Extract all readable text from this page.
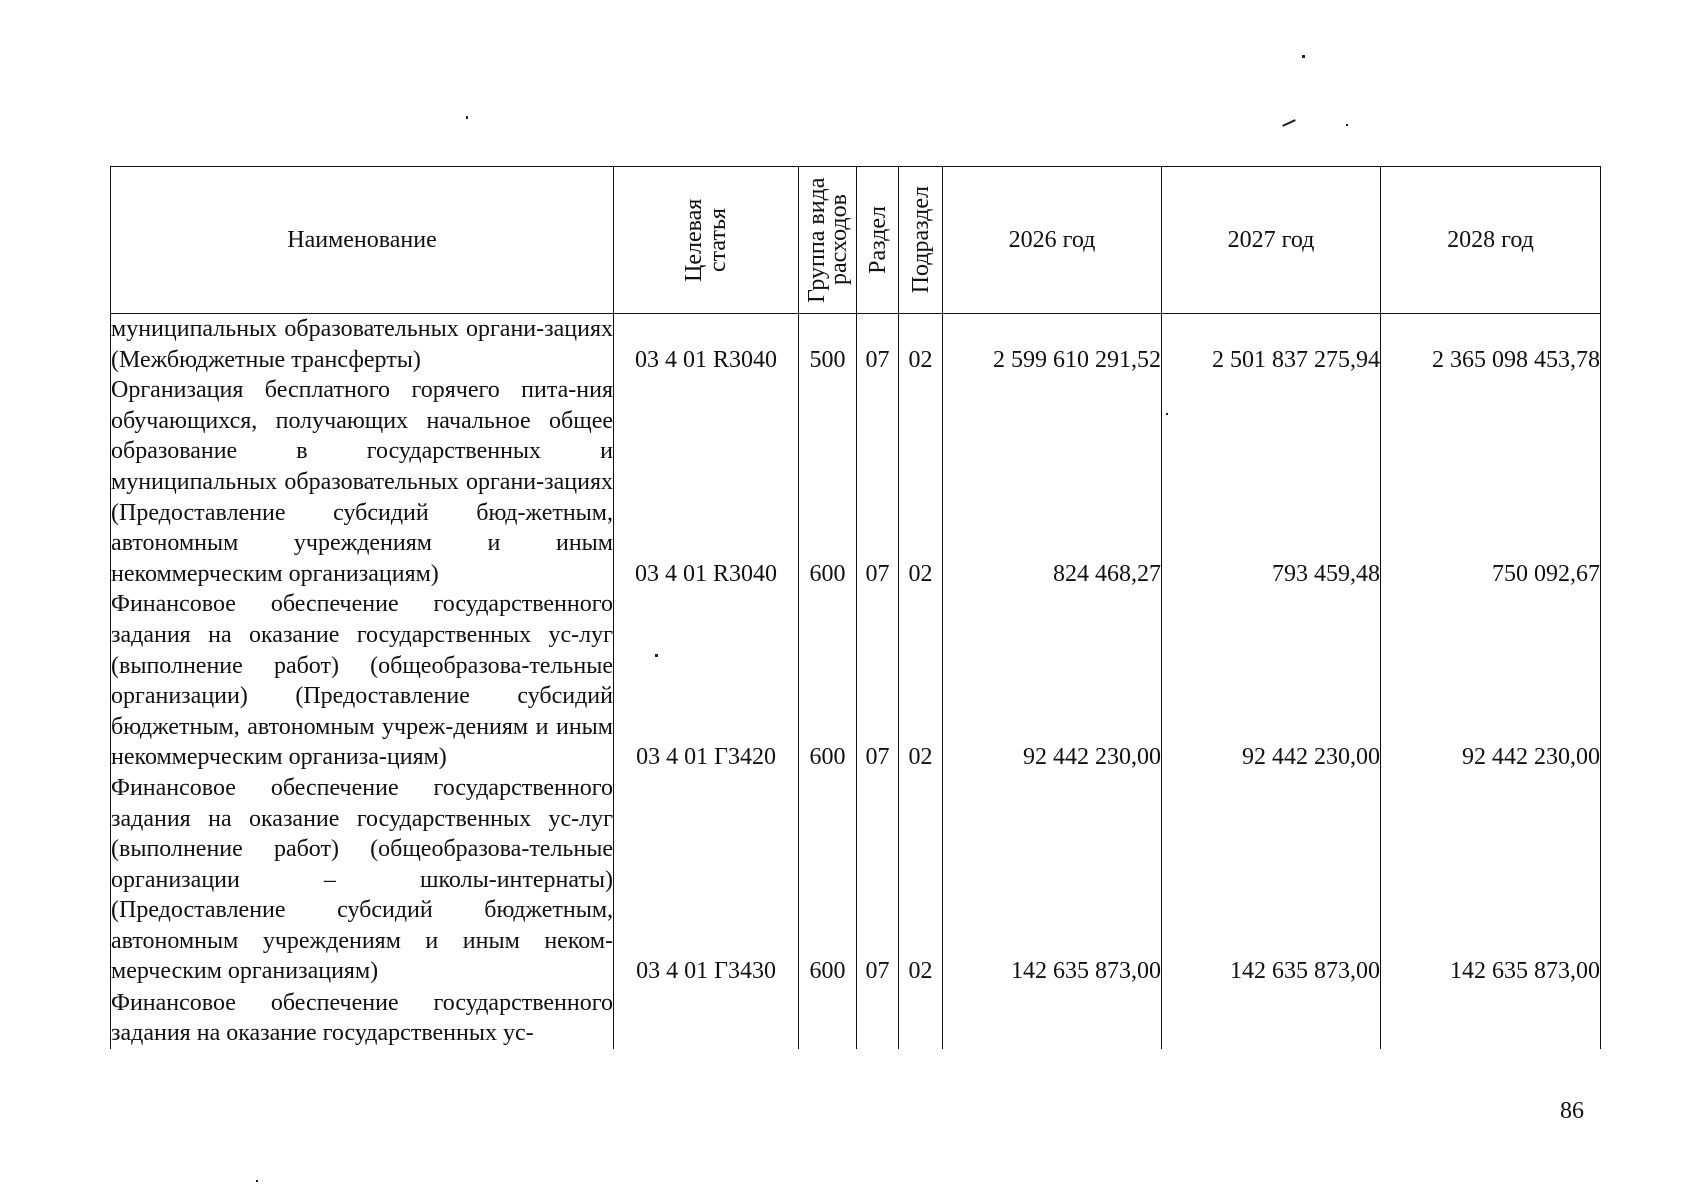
Наименование	Целевая статья	Группа вида расходов	Раздел	Подраздел	2026 год	2027 год	2028 год
муниципальных образовательных органи-зациях (Межбюджетные трансферты)	03 4 01 R3040	500	07	02	2 599 610 291,52	2 501 837 275,94	2 365 098 453,78
Организация бесплатного горячего пита-ния обучающихся, получающих начальное общее образование в государственных и муниципальных образовательных органи-зациях (Предоставление субсидий бюд-жетным, автономным учреждениям и иным некоммерческим организациям)	03 4 01 R3040	600	07	02	824 468,27	793 459,48	750 092,67
Финансовое обеспечение государственного задания на оказание государственных ус-луг (выполнение работ) (общеобразова-тельные организации) (Предоставление субсидий бюджетным, автономным учреж-дениям и иным некоммерческим организа-циям)	03 4 01 Г3420	600	07	02	92 442 230,00	92 442 230,00	92 442 230,00
Финансовое обеспечение государственного задания на оказание государственных ус-луг (выполнение работ) (общеобразова-тельные организации – школы-интернаты) (Предоставление субсидий бюджетным, автономным учреждениям и иным неком-мерческим организациям)	03 4 01 Г3430	600	07	02	142 635 873,00	142 635 873,00	142 635 873,00
Финансовое обеспечение государственного задания на оказание государственных ус-							
86
